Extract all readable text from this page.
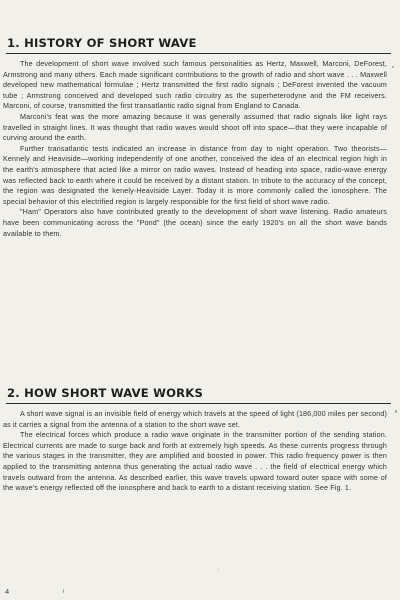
1. HISTORY OF SHORT WAVE

The development of short wave involved such famous personalities as Hertz, Maxwell, Marconi, DeForest, Armstrong and many others. Each made significant contributions to the growth of radio and short wave . . . Maxwell developed new mathematical formulae ; Hertz transmitted the first radio signals ; DeForest invented the vacuum tube ; Armstrong conceived and developed such radio circuitry as the superheterodyne and the FM receivers. Marconi, of course, transmitted the first transatlantic radio signal from England to Canada.

Marconi's feat was the more amazing because it was generally assumed that radio signals like light rays travelled in straight lines. It was thought that radio waves would shoot off into space—that they were incapable of curving around the earth.

Further transatlantic tests indicated an increase in distance from day to night operation. Two theorists—Kennely and Heaviside—working independently of one another, conceived the idea of an electrical region high in the earth's atmosphere that acted like a mirror on radio waves. Instead of heading into space, radio-wave energy was reflected back to earth where it could be received by a distant station. In tribute to the accuracy of the concept, the region was designated the kenely-Heaviside Layer. Today it is more commonly called the ionosphere. The special behavior of this electrified region is largely responsible for the first field of short wave radio.

"Ham" Operators also have contributed greatly to the development of short wave listening. Radio amateurs have been communicating across the "Pond" (the ocean) since the early 1920's on all the short wave bands available to them.

2. HOW SHORT WAVE WORKS

A short wave signal is an invisible field of energy which travels at the speed of light (186,000 miles per second) as it carries a signal from the antenna of a station to the short wave set.

The electrical forces which produce a radio wave originate in the transmitter portion of the sending station. Electrical currents are made to surge back and forth at extremely high speeds. As these currents progress through the various stages in the transmitter, they are amplified and boosted in power. This radio frequency power is then applied to the transmitting antenna thus generating the actual radio wave . . . the field of electrical energy which travels outward from the antenna. As described earlier, this wave travels upward toward outer space with some of the wave's energy reflected off the ionosphere and back to earth to a distant receiving station. See Fig. 1.

4
